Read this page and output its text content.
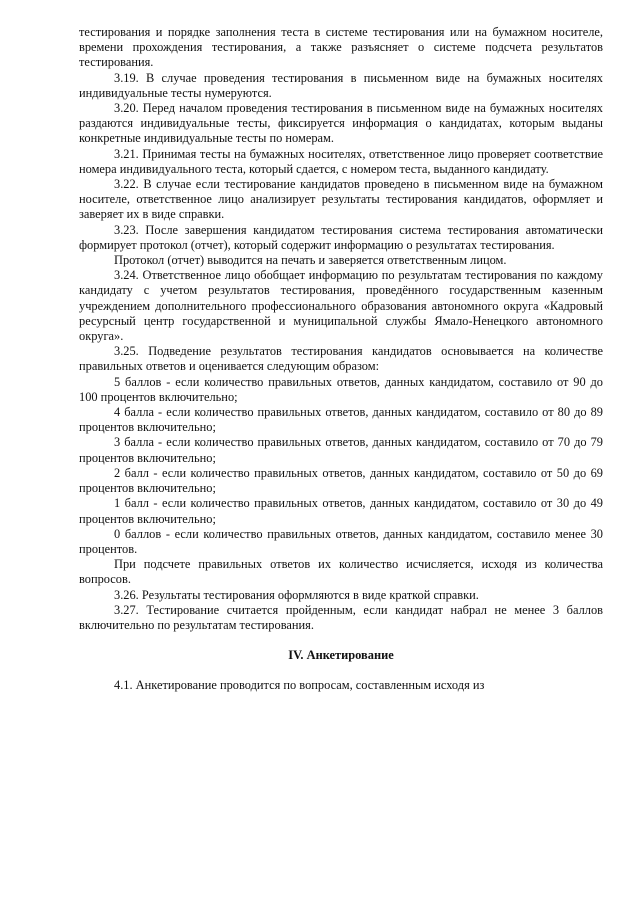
тестирования и порядке заполнения теста в системе тестирования или на бумажном носителе, времени прохождения тестирования, а также разъясняет о системе подсчета результатов тестирования.

3.19. В случае проведения тестирования в письменном виде на бумажных носителях индивидуальные тесты нумеруются.

3.20. Перед началом проведения тестирования в письменном виде на бумажных носителях раздаются индивидуальные тесты, фиксируется информация о кандидатах, которым выданы конкретные индивидуальные тесты по номерам.

3.21. Принимая тесты на бумажных носителях, ответственное лицо проверяет соответствие номера индивидуального теста, который сдается, с номером теста, выданного кандидату.

3.22. В случае если тестирование кандидатов проведено в письменном виде на бумажном носителе, ответственное лицо анализирует результаты тестирования кандидатов, оформляет и заверяет их в виде справки.

3.23. После завершения кандидатом тестирования система тестирования автоматически формирует протокол (отчет), который содержит информацию о результатах тестирования.

Протокол (отчет) выводится на печать и заверяется ответственным лицом.

3.24. Ответственное лицо обобщает информацию по результатам тестирования по каждому кандидату с учетом результатов тестирования, проведённого государственным казенным учреждением дополнительного профессионального образования автономного округа «Кадровый ресурсный центр государственной и муниципальной службы Ямало-Ненецкого автономного округа».

3.25. Подведение результатов тестирования кандидатов основывается на количестве правильных ответов и оценивается следующим образом:

5 баллов - если количество правильных ответов, данных кандидатом, составило от 90 до 100 процентов включительно;

4 балла - если количество правильных ответов, данных кандидатом, составило от 80 до 89 процентов включительно;

3 балла - если количество правильных ответов, данных кандидатом, составило от 70 до 79 процентов включительно;

2 балл - если количество правильных ответов, данных кандидатом, составило от 50 до 69 процентов включительно;

1 балл - если количество правильных ответов, данных кандидатом, составило от 30 до 49 процентов включительно;

0 баллов - если количество правильных ответов, данных кандидатом, составило менее 30 процентов.

При подсчете правильных ответов их количество исчисляется, исходя из количества вопросов.

3.26. Результаты тестирования оформляются в виде краткой справки.

3.27. Тестирование считается пройденным, если кандидат набрал не менее 3 баллов включительно по результатам тестирования.

IV. Анкетирование

4.1. Анкетирование проводится по вопросам, составленным исходя из
